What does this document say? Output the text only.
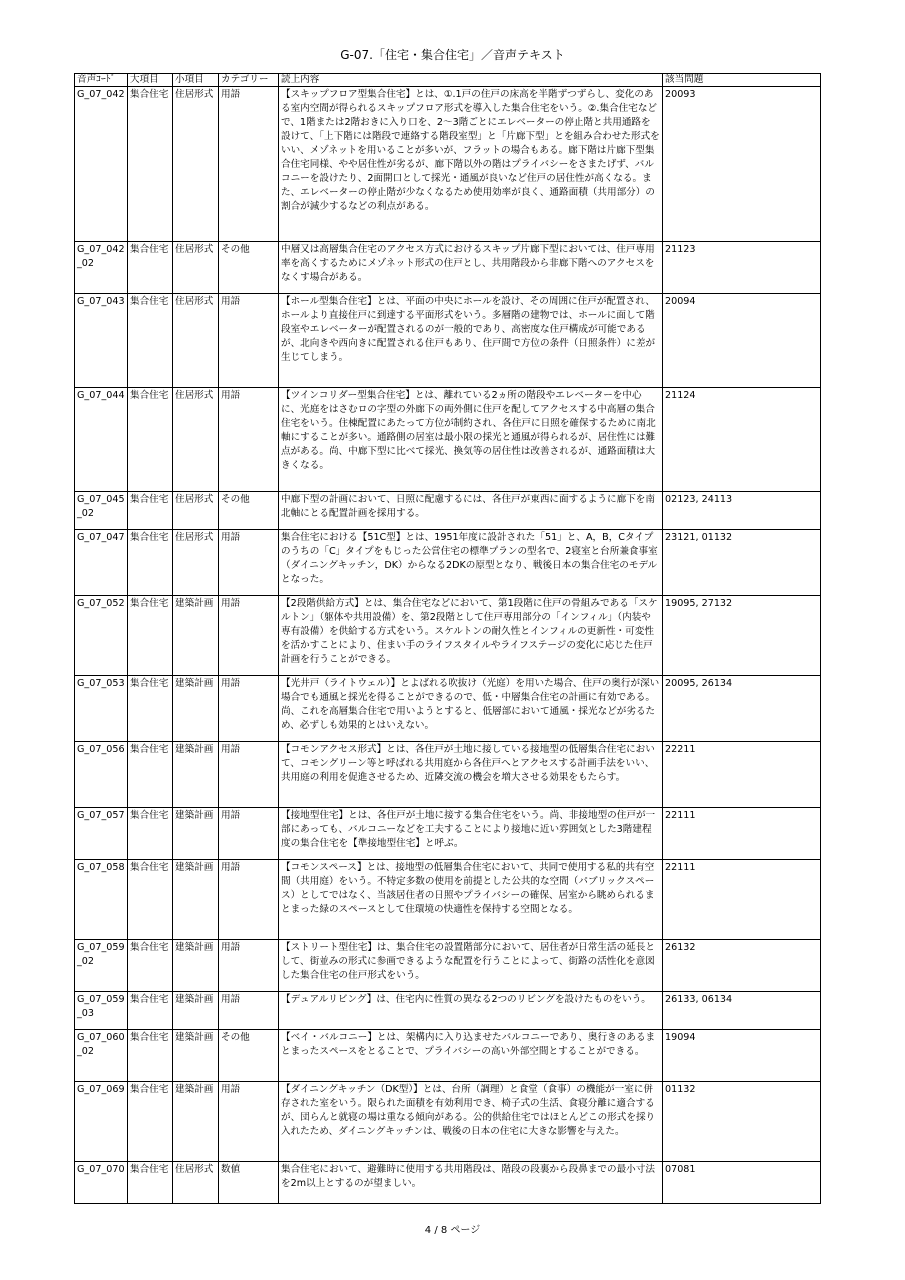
G-07.「住宅・集合住宅」／音声テキスト
音声ｺｰﾄﾞ	大項目	小項目	カテゴリー	読上内容	該当問題
G_07_042	集合住宅	住居形式	用語	【スキップフロア型集合住宅】とは、①.1戸の住戸の床高を半階ずつずらし、変化のある室内空間が得られるスキップフロア形式を導入した集合住宅をいう。②.集合住宅などで、1階または2階おきに入り口を、2～3階ごとにエレベーターの停止階と共用通路を設けて、「上下階には階段で連絡する階段室型」と「片廊下型」とを組み合わせた形式をいい、メゾネットを用いることが多いが、フラットの場合もある。廊下階は片廊下型集合住宅同様、やや居住性が劣るが、廊下階以外の階はプライバシーをさまたげず、バルコニーを設けたり、2面開口として採光・通風が良いなど住戸の居住性が高くなる。また、エレベーターの停止階が少なくなるため使用効率が良く、通路面積（共用部分）の割合が減少するなどの利点がある。	20093
G_07_042_02	集合住宅	住居形式	その他	中層又は高層集合住宅のアクセス方式におけるスキップ片廊下型においては、住戸専用率を高くするためにメゾネット形式の住戸とし、共用階段から非廊下階へのアクセスをなくす場合がある。	21123
G_07_043	集合住宅	住居形式	用語	【ホール型集合住宅】とは、平面の中央にホールを設け、その周囲に住戸が配置され、ホールより直接住戸に到達する平面形式をいう。多層階の建物では、ホールに面して階段室やエレベーターが配置されるのが一般的であり、高密度な住戸構成が可能であるが、北向きや西向きに配置される住戸もあり、住戸間で方位の条件（日照条件）に差が生じてしまう。	20094
G_07_044	集合住宅	住居形式	用語	【ツインコリダー型集合住宅】とは、離れている2ヵ所の階段やエレベーターを中心に、光庭をはさむロの字型の外廊下の両外側に住戸を配してアクセスする中高層の集合住宅をいう。住棟配置にあたって方位が制約され、各住戸に日照を確保するために南北軸にすることが多い。通路側の居室は最小限の採光と通風が得られるが、居住性には難点がある。尚、中廊下型に比べて採光、換気等の居住性は改善されるが、通路面積は大きくなる。	21124
G_07_045_02	集合住宅	住居形式	その他	中廊下型の計画において、日照に配慮するには、各住戸が東西に面するように廊下を南北軸にとる配置計画を採用する。	02123, 24113
G_07_047	集合住宅	住居形式	用語	集合住宅における【51C型】とは、1951年度に設計された「51」と、A，B，Cタイプのうちの「C」タイプをもじった公営住宅の標準プランの型名で、2寝室と台所兼食事室（ダイニングキッチン，DK）からなる2DKの原型となり、戦後日本の集合住宅のモデルとなった。	23121, 01132
G_07_052	集合住宅	建築計画	用語	【2段階供給方式】とは、集合住宅などにおいて、第1段階に住戸の骨組みである「スケルトン」（躯体や共用設備）を、第2段階として住戸専用部分の「インフィル」（内装や専有設備）を供給する方式をいう。スケルトンの耐久性とインフィルの更新性・可変性を活かすことにより、住まい手のライフスタイルやライフステージの変化に応じた住戸計画を行うことができる。	19095, 27132
G_07_053	集合住宅	建築計画	用語	【光井戸（ライトウェル）】とよばれる吹抜け（光庭）を用いた場合、住戸の奥行が深い場合でも通風と採光を得ることができるので、低・中層集合住宅の計画に有効である。尚、これを高層集合住宅で用いようとすると、低層部において通風・採光などが劣るため、必ずしも効果的とはいえない。	20095, 26134
G_07_056	集合住宅	建築計画	用語	【コモンアクセス形式】とは、各住戸が土地に接している接地型の低層集合住宅において、コモングリーン等と呼ばれる共用庭から各住戸へとアクセスする計画手法をいい、共用庭の利用を促進させるため、近隣交流の機会を増大させる効果をもたらす。	22211
G_07_057	集合住宅	建築計画	用語	【接地型住宅】とは、各住戸が土地に接する集合住宅をいう。尚、非接地型の住戸が一部にあっても、バルコニーなどを工夫することにより接地に近い雰囲気とした3階建程度の集合住宅を【準接地型住宅】と呼ぶ。	22111
G_07_058	集合住宅	建築計画	用語	【コモンスペース】とは、接地型の低層集合住宅において、共同で使用する私的共有空間（共用庭）をいう。不特定多数の使用を前提とした公共的な空間（パブリックスペース）としてではなく、当該居住者の日照やプライバシーの確保、居室から眺められるまとまった緑のスペースとして住環境の快適性を保持する空間となる。	22111
G_07_059_02	集合住宅	建築計画	用語	【ストリート型住宅】は、集合住宅の設置階部分において、居住者が日常生活の延長として、街並みの形式に参画できるような配置を行うことによって、街路の活性化を意図した集合住宅の住戸形式をいう。	26132
G_07_059_03	集合住宅	建築計画	用語	【デュアルリビング】は、住宅内に性質の異なる2つのリビングを設けたものをいう。	26133, 06134
G_07_060_02	集合住宅	建築計画	その他	【ベイ・バルコニー】とは、架構内に入り込ませたバルコニーであり、奥行きのあるまとまったスペースをとることで、プライバシーの高い外部空間とすることができる。	19094
G_07_069	集合住宅	建築計画	用語	【ダイニングキッチン（DK型）】とは、台所（調理）と食堂（食事）の機能が一室に併存された室をいう。限られた面積を有効利用でき、椅子式の生活、食寝分離に適合するが、団らんと就寝の場は重なる傾向がある。公的供給住宅ではほとんどこの形式を採り入れたため、ダイニングキッチンは、戦後の日本の住宅に大きな影響を与えた。	01132
G_07_070	集合住宅	住居形式	数値	集合住宅において、避難時に使用する共用階段は、階段の段裏から段鼻までの最小寸法を2m以上とするのが望ましい。	07081
4 / 8 ページ
